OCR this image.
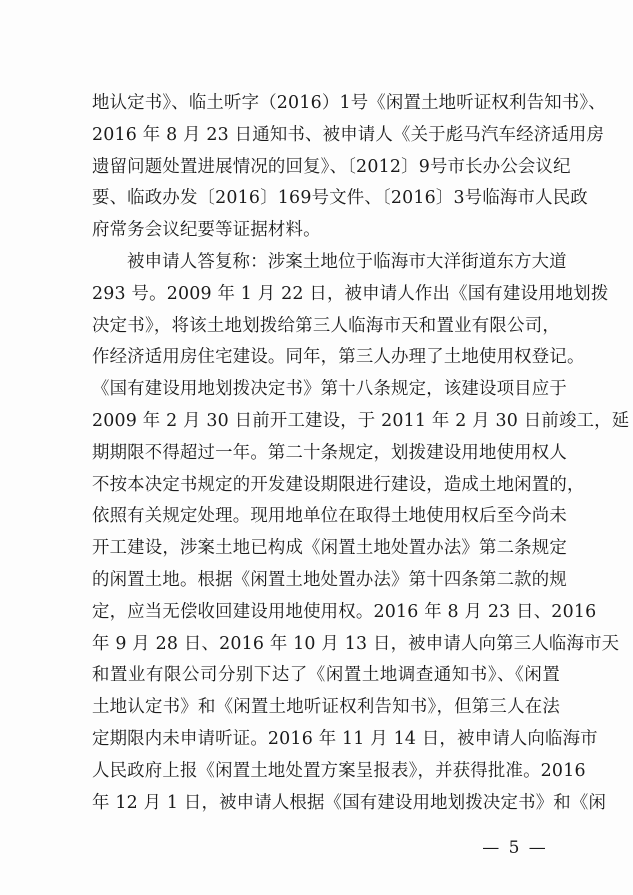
地认定书》、临土听字（2016）1号《闲置土地听证权利告知书》、
2016 年 8 月 23 日通知书、被申请人《关于彪马汽车经济适用房
遗留问题处置进展情况的回复》、〔2012〕9号市长办公会议纪
要、临政办发〔2016〕169号文件、〔2016〕3号临海市人民政
府常务会议纪要等证据材料。
被申请人答复称：涉案土地位于临海市大洋街道东方大道
293 号。2009 年 1 月 22 日，被申请人作出《国有建设用地划拨
决定书》，将该土地划拨给第三人临海市天和置业有限公司，
作经济适用房住宅建设。同年，第三人办理了土地使用权登记。
《国有建设用地划拨决定书》第十八条规定，该建设项目应于
2009 年 2 月 30 日前开工建设，于 2011 年 2 月 30 日前竣工，延
期期限不得超过一年。第二十条规定，划拨建设用地使用权人
不按本决定书规定的开发建设期限进行建设，造成土地闲置的，
依照有关规定处理。现用地单位在取得土地使用权后至今尚未
开工建设，涉案土地已构成《闲置土地处置办法》第二条规定
的闲置土地。根据《闲置土地处置办法》第十四条第二款的规
定，应当无偿收回建设用地使用权。2016 年 8 月 23 日、2016
年 9 月 28 日、2016 年 10 月 13 日，被申请人向第三人临海市天
和置业有限公司分别下达了《闲置土地调查通知书》、《闲置
土地认定书》和《闲置土地听证权利告知书》，但第三人在法
定期限内未申请听证。2016 年 11 月 14 日，被申请人向临海市
人民政府上报《闲置土地处置方案呈报表》，并获得批准。2016
年 12 月 1 日，被申请人根据《国有建设用地划拨决定书》和《闲
— 5 —
